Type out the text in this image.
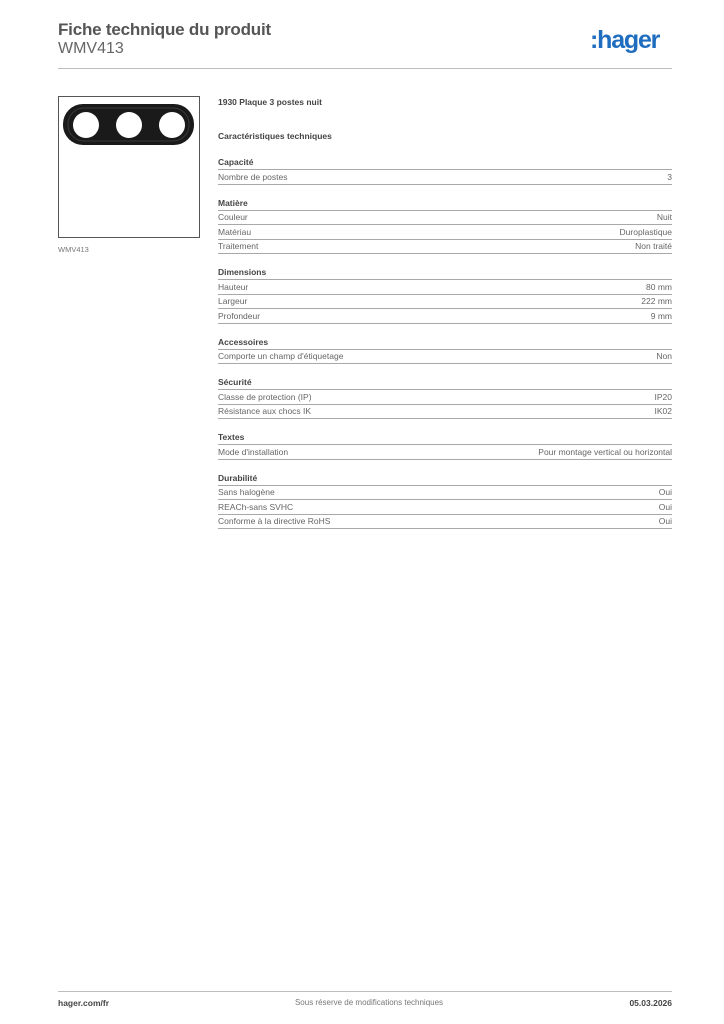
Fiche technique du produit
WMV413	:hager
WMV413
1930 Plaque 3 postes nuit
Caractéristiques techniques
Capacité
Nombre de postes	3
Matière
Couleur	Nuit
Matériau	Duroplastique
Traitement	Non traité
Dimensions
Hauteur	80 mm
Largeur	222 mm
Profondeur	9 mm
Accessoires
Comporte un champ d'étiquetage	Non
Sécurité
Classe de protection (IP)	IP20
Résistance aux chocs IK	IK02
Textes
Mode d'installation	Pour montage vertical ou horizontal
Durabilité
Sans halogène	Oui
REACh-sans SVHC	Oui
Conforme à la directive RoHS	Oui
hager.com/fr	Sous réserve de modifications techniques	05.03.2026
